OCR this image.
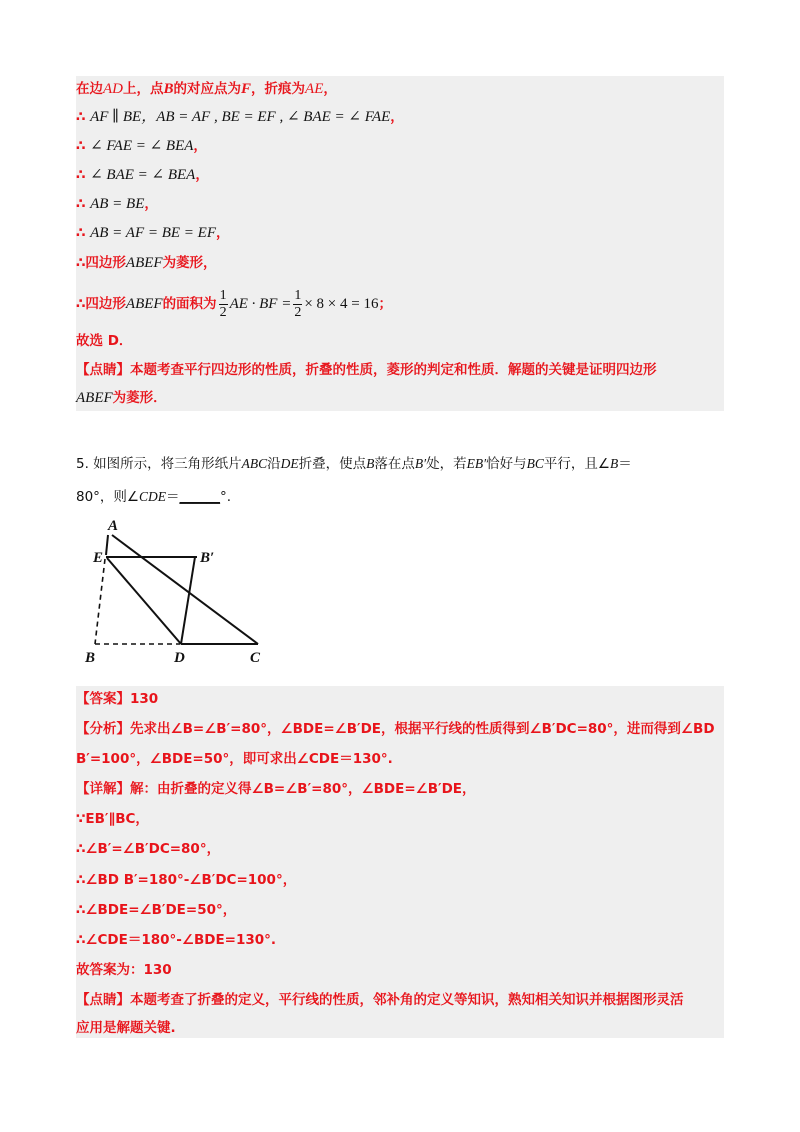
在边AD上，点B的对应点为F，折痕为AE，
∴ AF ∥ BE，AB = AF , BE = EF , ∠ BAE = ∠ FAE，
∴ ∠ FAE = ∠ BEA，
∴ ∠ BAE = ∠ BEA，
∴ AB = BE，
∴ AB = AF = BE = EF，
∴四边形ABEF为菱形，
∴四边形ABEF的面积为 $\frac{1}{2}$ AE · BF = $\frac{1}{2} \times 8 \times 4 = 16$；
故选 D．
【点睛】本题考查平行四边形的性质，折叠的性质，菱形的判定和性质．解题的关键是证明四边形
ABEF为菱形．
5. 如图所示，将三角形纸片ABC沿DE折叠，使点B落在点B′处，若EB′恰好与BC平行，且∠B＝
80°，则∠CDE＝______°.
A
E	B′
B	D	C
【答案】130
【分析】先求出∠B=∠B′=80°，∠BDE=∠B′DE，根据平行线的性质得到∠B′DC=80°，进而得到∠BD
B′=100°，∠BDE=50°，即可求出∠CDE＝130°.
【详解】解：由折叠的定义得∠B=∠B′=80°，∠BDE=∠B′DE，
∵EB′∥BC，
∴∠B′=∠B′DC=80°，
∴∠BD B′=180°-∠B′DC=100°，
∴∠BDE=∠B′DE=50°，
∴∠CDE＝180°-∠BDE=130°.
故答案为：130
【点睛】本题考查了折叠的定义，平行线的性质，邻补角的定义等知识，熟知相关知识并根据图形灵活
应用是解题关键.
